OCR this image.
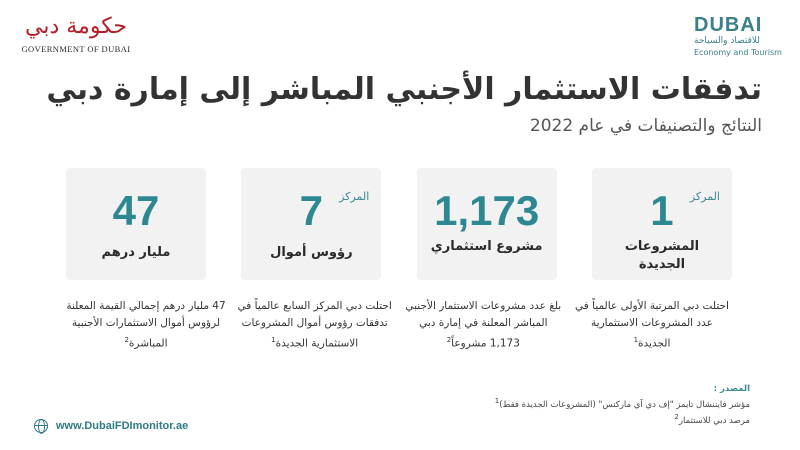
حكومة دبي
GOVERNMENT OF DUBAI
DUBAI
للاقتصاد والسياحة
Economy and Tourism
تدفقات الاستثمار الأجنبي المباشر إلى إمارة دبي
النتائج والتصنيفات في عام 2022
المركز
1
المشروعات الجديدة
1,173
مشروع استثماري
المركز
7
رؤوس أموال
47
مليار درهم
احتلت دبي المرتبة الأولى عالمياً في عدد المشروعات الاستثمارية الجديدة$^1$
بلغ عدد مشروعات الاستثمار الأجنبي المباشر المعلنة في إمارة دبي 1,173 مشروعاً$^2$
احتلت دبي المركز السابع عالمياً في تدفقات رؤوس أموال المشروعات الاستثمارية الجديدة$^1$
47 مليار درهم إجمالي القيمة المعلنة لرؤوس أموال الاستثمارات الأجنبية المباشرة$^2$
المصدر :
مؤشر فايننشال تايمز "إف دي آي ماركتس" (المشروعات الجديدة فقط)$^1$
مرصد دبي للاستثمار$^2$
www.DubaiFDImonitor.ae
